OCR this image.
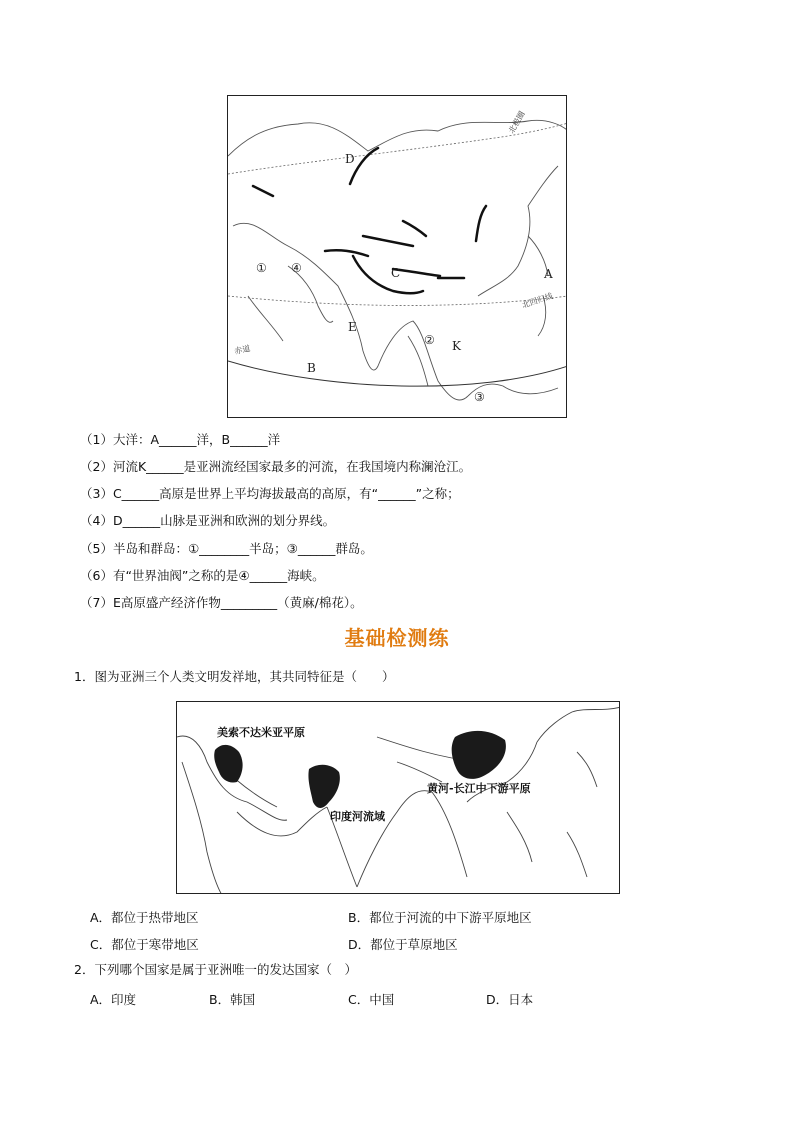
D
A
B
C
E
K
①
②
③
④
北极圈
北回归线
赤道
（1）大洋：A______洋，B______洋
（2）河流K______是亚洲流经国家最多的河流，在我国境内称澜沧江。
（3）C______高原是世界上平均海拔最高的高原，有“______”之称；
（4）D______山脉是亚洲和欧洲的划分界线。
（5）半岛和群岛：①________半岛；③______群岛。
（6）有“世界油阀”之称的是④______海峡。
（7）E高原盛产经济作物_________（黄麻/棉花）。
基础检测练
1．图为亚洲三个人类文明发祥地，其共同特征是（　　）
美索不达米亚平原
印度河流域
黄河-长江中下游平原
A．都位于热带地区	B．都位于河流的中下游平原地区
C．都位于寒带地区	D．都位于草原地区
2．下列哪个国家是属于亚洲唯一的发达国家（　）
A．印度	B．韩国	C．中国	D．日本
